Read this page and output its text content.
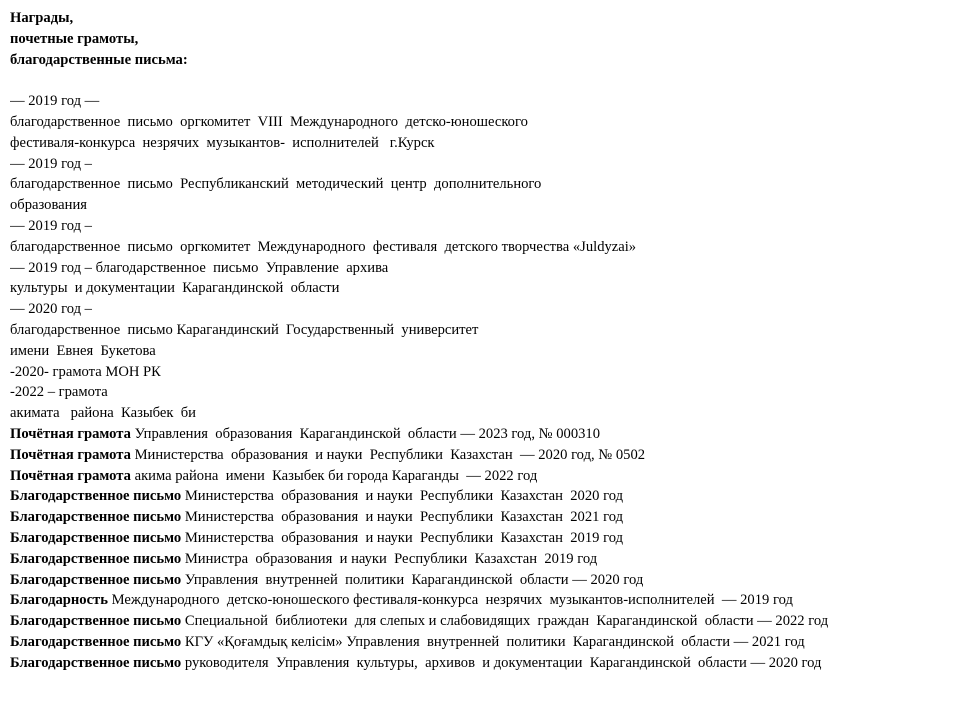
Награды,
почетные грамоты,
благодарственные письма:
— 2019 год —
благодарственное  письмо  оргкомитет  VIII  Международного  детско-юношеского
фестиваля-конкурса  незрячих  музыкантов-  исполнителей   г.Курск
— 2019 год –
благодарственное  письмо  Республиканский  методический  центр  дополнительного
образования
— 2019 год –
благодарственное  письмо  оргкомитет  Международного  фестиваля  детского творчества «Juldyzai»
— 2019 год – благодарственное  письмо  Управление  архива
культуры  и документации  Карагандинской  области
— 2020 год –
благодарственное  письмо Карагандинский  Государственный  университет
имени  Евнея  Букетова
-2020- грамота МОН РК
-2022 – грамота
акимата   района  Казыбек  би
Почётная грамота Управления  образования  Карагандинской  области — 2023 год, № 000310
Почётная грамота Министерства  образования  и науки  Республики  Казахстан  — 2020 год, № 0502
Почётная грамота акима района  имени  Казыбек би города Караганды  — 2022 год
Благодарственное письмо Министерства  образования  и науки  Республики  Казахстан  2020 год
Благодарственное письмо Министерства  образования  и науки  Республики  Казахстан  2021 год
Благодарственное письмо Министерства  образования  и науки  Республики  Казахстан  2019 год
Благодарственное письмо Министра  образования  и науки  Республики  Казахстан  2019 год
Благодарственное письмо Управления  внутренней  политики  Карагандинской  области — 2020 год
Благодарность Международного  детско-юношеского фестиваля-конкурса  незрячих  музыкантов-исполнителей  — 2019 год
Благодарственное письмо Специальной  библиотеки  для слепых и слабовидящих  граждан  Карагандинской  области — 2022 год
Благодарственное письмо КГУ «Қоғамдық келісім» Управления  внутренней  политики  Карагандинской  области — 2021 год
Благодарственное письмо руководителя  Управления  культуры,  архивов  и документации  Карагандинской  области — 2020 год
